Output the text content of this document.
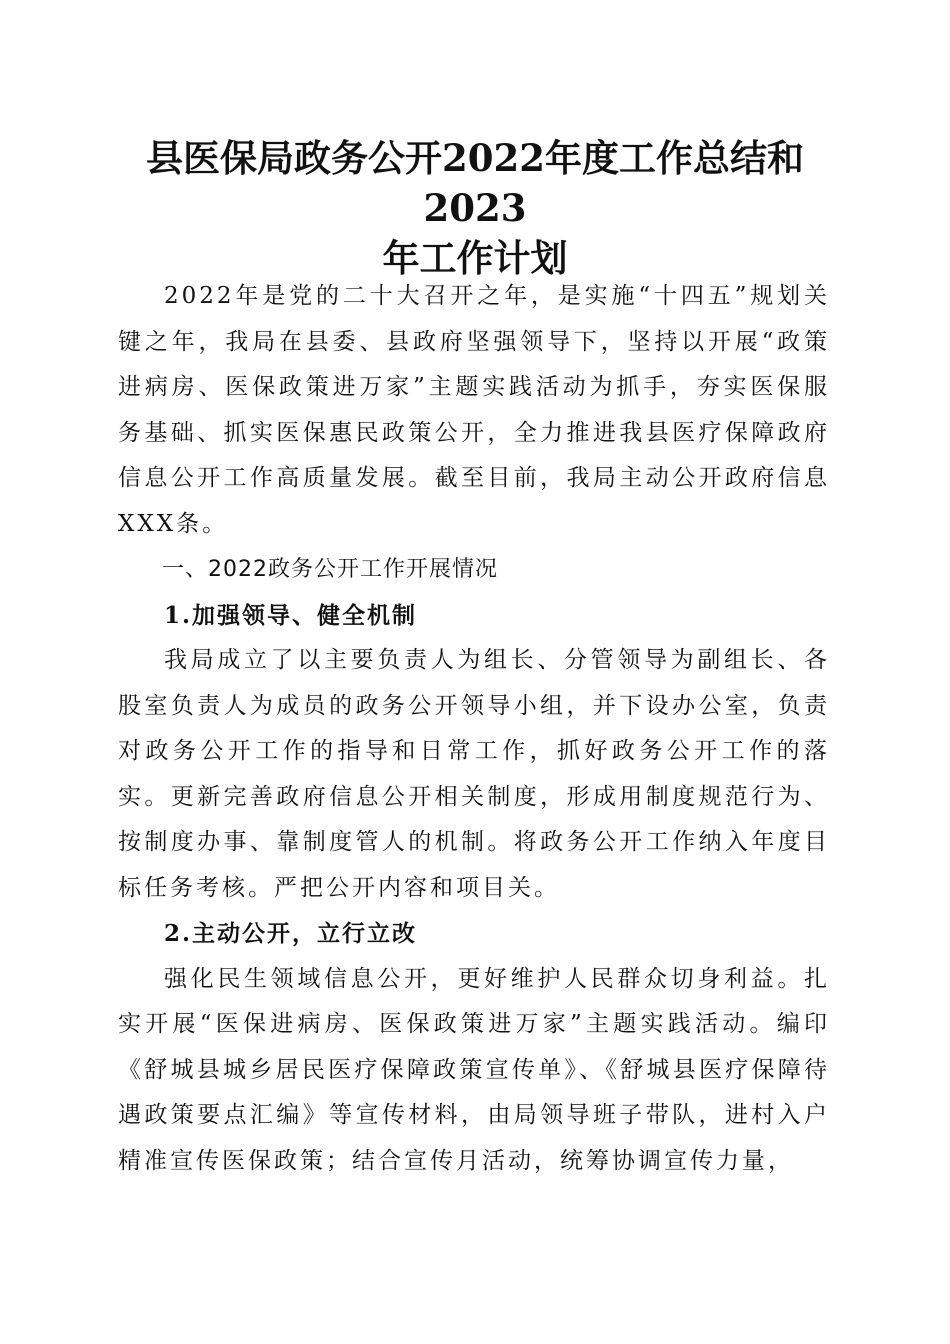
县医保局政务公开2022年度工作总结和2023
年工作计划

2022年是党的二十大召开之年，是实施“十四五”规划关键之年，我局在县委、县政府坚强领导下，坚持以开展“政策进病房、医保政策进万家”主题实践活动为抓手，夯实医保服务基础、抓实医保惠民政策公开，全力推进我县医疗保障政府信息公开工作高质量发展。截至目前，我局主动公开政府信息XXX条。

一、2022政务公开工作开展情况
1.加强领导、健全机制

我局成立了以主要负责人为组长、分管领导为副组长、各股室负责人为成员的政务公开领导小组，并下设办公室，负责对政务公开工作的指导和日常工作，抓好政务公开工作的落实。更新完善政府信息公开相关制度，形成用制度规范行为、按制度办事、靠制度管人的机制。将政务公开工作纳入年度目标任务考核。严把公开内容和项目关。

2.主动公开，立行立改

强化民生领域信息公开，更好维护人民群众切身利益。扎实开展“医保进病房、医保政策进万家”主题实践活动。编印《舒城县城乡居民医疗保障政策宣传单》、《舒城县医疗保障待遇政策要点汇编》等宣传材料，由局领导班子带队，进村入户精准宣传医保政策；结合宣传月活动，统筹协调宣传力量，
